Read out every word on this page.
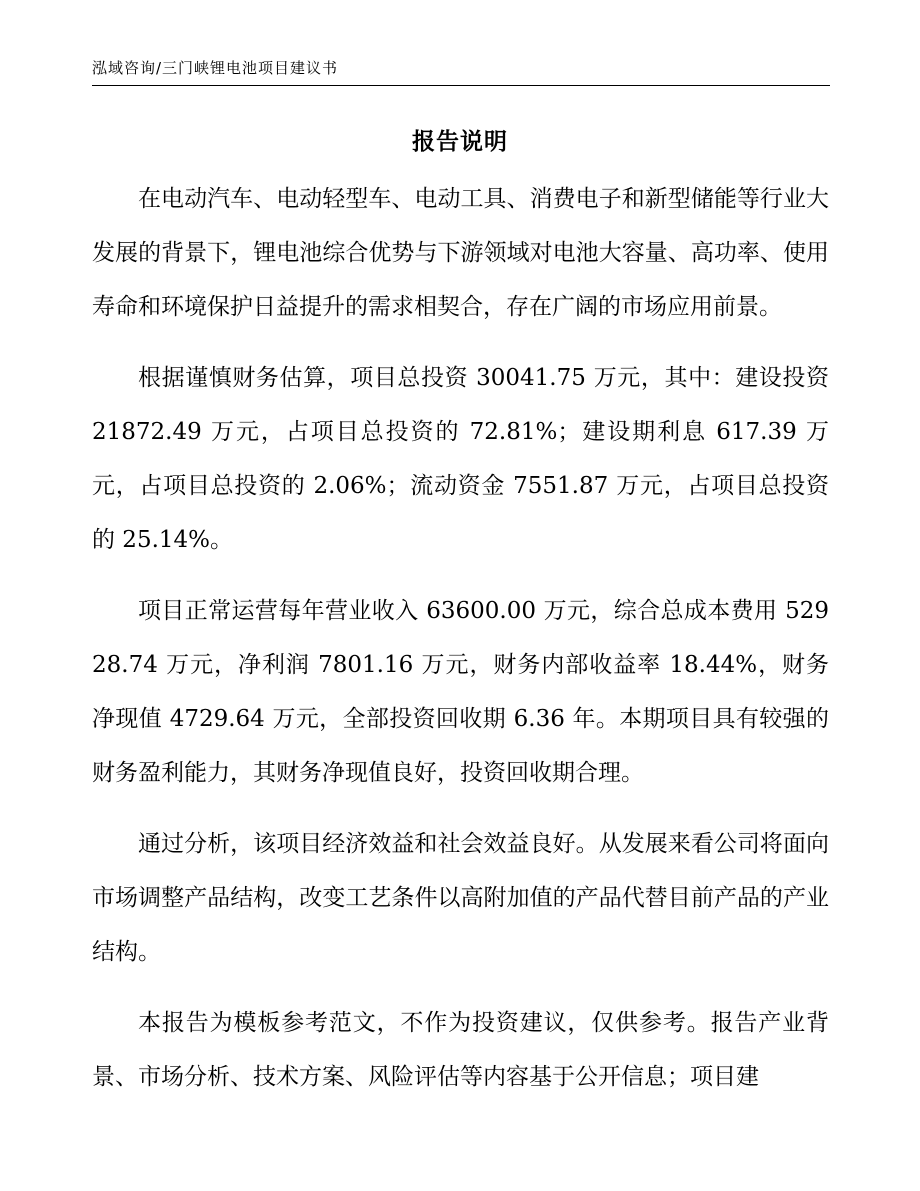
泓域咨询/三门峡锂电池项目建议书
报告说明

在电动汽车、电动轻型车、电动工具、消费电子和新型储能等行业大发展的背景下，锂电池综合优势与下游领域对电池大容量、高功率、使用寿命和环境保护日益提升的需求相契合，存在广阔的市场应用前景。

根据谨慎财务估算，项目总投资 30041.75 万元，其中：建设投资 21872.49 万元，占项目总投资的 72.81%；建设期利息 617.39 万元，占项目总投资的 2.06%；流动资金 7551.87 万元，占项目总投资的 25.14%。

项目正常运营每年营业收入 63600.00 万元，综合总成本费用 52928.74 万元，净利润 7801.16 万元，财务内部收益率 18.44%，财务净现值 4729.64 万元，全部投资回收期 6.36 年。本期项目具有较强的财务盈利能力，其财务净现值良好，投资回收期合理。

通过分析，该项目经济效益和社会效益良好。从发展来看公司将面向市场调整产品结构，改变工艺条件以高附加值的产品代替目前产品的产业结构。

本报告为模板参考范文，不作为投资建议，仅供参考。报告产业背景、市场分析、技术方案、风险评估等内容基于公开信息；项目建
